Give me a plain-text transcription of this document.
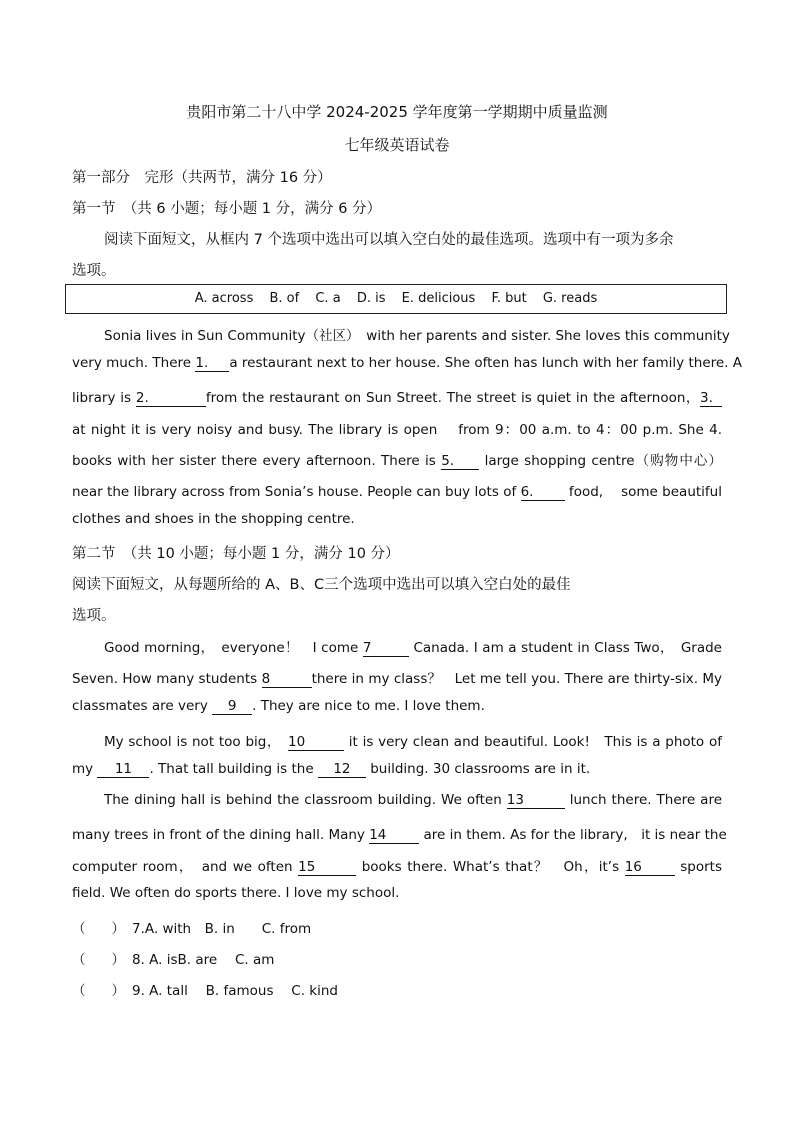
贵阳市第二十八中学 2024-2025 学年度第一学期期中质量监测
七年级英语试卷
第一部分　完形（共两节，满分 16 分）
第一节　（共 6 小题；每小题 1 分，满分 6 分）
阅读下面短文，从框内 7 个选项中选出可以填入空白处的最佳选项。选项中有一项为多余
选项。
A. across B. of C. a D. is E. delicious F. but G. reads
Sonia lives in Sun Community（社区）　with her parents and sister. She loves this community
very much. There 1. a restaurant next to her house. She often has lunch with her family there. A
library is 2.	from the restaurant on Sun Street. The street is quiet in the afternoon，3.
at night it is very noisy and busy. The library is open　 from 9：00 a.m. to 4：00 p.m. She 4.
books with her sister there every afternoon. There is 5. large shopping centre（购物中心）
near the library across from Sonia’s house. People can buy lots of 6. food,　 some beautiful
clothes and shoes in the shopping centre.
第二节　（共 10 小题；每小题 1 分，满分 10 分）
阅读下面短文，从每题所给的 A、B、C三个选项中选出可以填入空白处的最佳
选项。
Good morning，　everyone！　I come 7	Canada. I am a student in Class Two，　Grade
Seven. How many students 8	there in my class？　Let me tell you. There are thirty-six. My
classmates are very 9 . They are nice to me. I love them.
My school is not too big，　10	it is very clean and beautiful. Look!　This is a photo of
my 11 . That tall building is the 12 building. 30 classrooms are in it.
The dining hall is behind the classroom building. We often 13	lunch there. There are
many trees in front of the dining hall. Many 14 are in them. As for the library,　it is near the
computer room，　and we often 15	books there. What’s that？　Oh，it’s 16 sports
field. We often do sports there. I love my school.
（ ） 7.A. with　B. in　　C. from
（ ） 8. A. isB. are　 C. am
（ ） 9. A. tall　 B. famous　 C. kind
